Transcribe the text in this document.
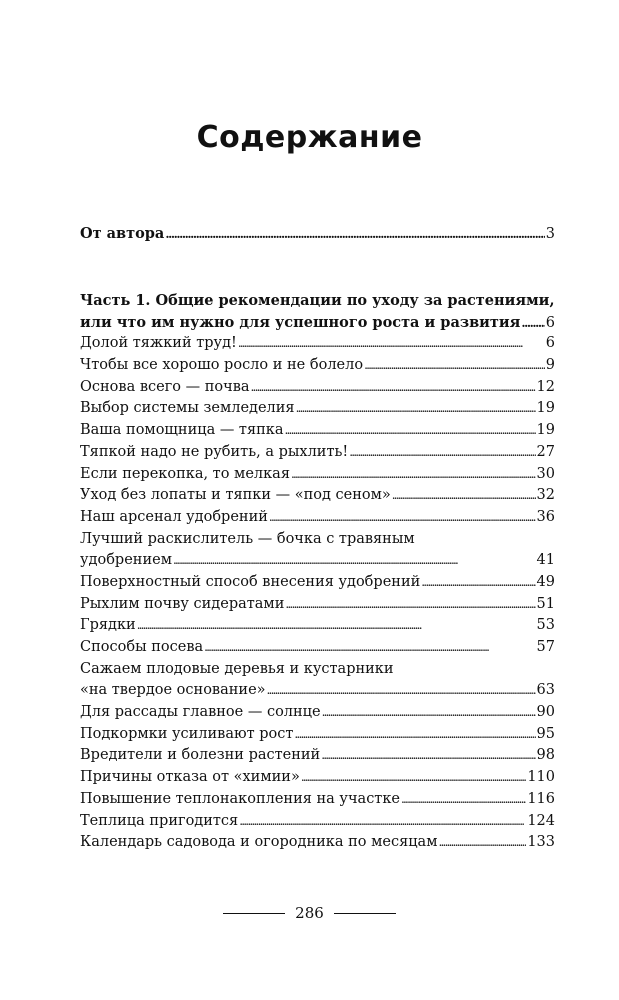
Содержание
От автора . . .	3
Часть 1. Общие рекомендации по уходу за растениями,
или что им нужно для успешного роста и развития . . . 6
Долой тяжкий труд! . . .	6
Чтобы все хорошо росло и не болело . . .	9
Основа всего — почва . . .	12
Выбор системы земледелия . . .	19
Ваша помощница — тяпка . . .	19
Тяпкой надо не рубить, а рыхлить! . . .	27
Если перекопка, то мелкая . . .	30
Уход без лопаты и тяпки — «под сеном» . . .	32
Наш арсенал удобрений . . .	36
Лучший раскислитель — бочка с травяным
удобрением . . .	41
Поверхностный способ внесения удобрений . . .	49
Рыхлим почву сидератами . . .	51
Грядки . . .	53
Способы посева . . .	57
Сажаем плодовые деревья и кустарники
«на твердое основание» . . .	63
Для рассады главное — солнце . . .	90
Подкормки усиливают рост . . .	95
Вредители и болезни растений . . .	98
Причины отказа от «химии» . . .	110
Повышение теплонакопления на участке . . .	116
Теплица пригодится . . .	124
Календарь садовода и огородника по месяцам . . .	133
286
